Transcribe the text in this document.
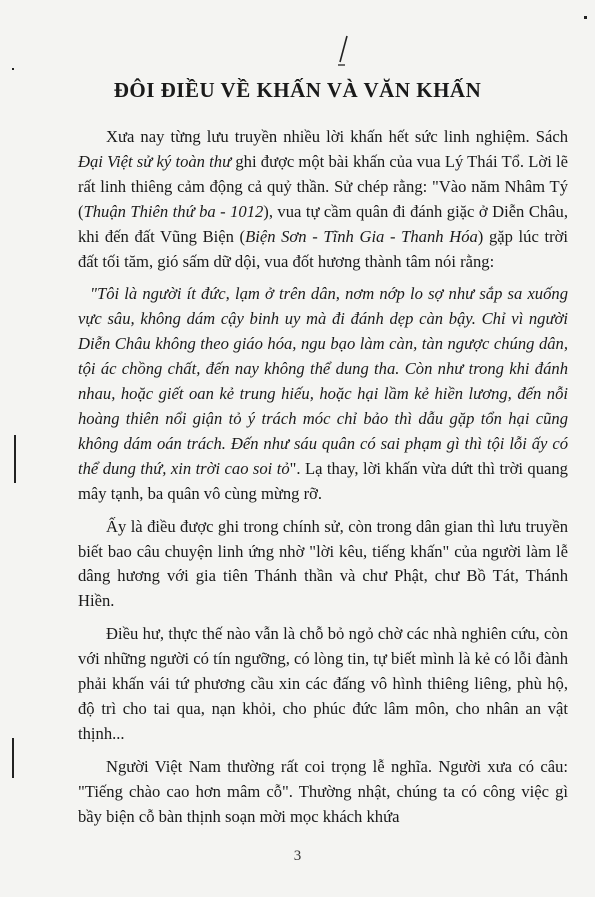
ĐÔI ĐIỀU VỀ KHẤN VÀ VĂN KHẤN

Xưa nay từng lưu truyền nhiều lời khấn hết sức linh nghiệm. Sách Đại Việt sử ký toàn thư ghi được một bài khấn của vua Lý Thái Tổ. Lời lẽ rất linh thiêng cảm động cả quỷ thần. Sử chép rằng: "Vào năm Nhâm Tý (Thuận Thiên thứ ba - 1012), vua tự cầm quân đi đánh giặc ở Diễn Châu, khi đến đất Vũng Biện (Biện Sơn - Tĩnh Gia - Thanh Hóa) gặp lúc trời đất tối tăm, gió sấm dữ dội, vua đốt hương thành tâm nói rằng:

"Tôi là người ít đức, lạm ở trên dân, nơm nớp lo sợ như sắp sa xuống vực sâu, không dám cậy binh uy mà đi đánh dẹp càn bậy. Chỉ vì người Diễn Châu không theo giáo hóa, ngu bạo làm càn, tàn ngược chúng dân, tội ác chồng chất, đến nay không thể dung tha. Còn như trong khi đánh nhau, hoặc giết oan kẻ trung hiếu, hoặc hại lầm kẻ hiền lương, đến nỗi hoàng thiên nổi giận tỏ ý trách móc chỉ bảo thì dẫu gặp tổn hại cũng không dám oán trách. Đến như sáu quân có sai phạm gì thì tội lỗi ấy có thể dung thứ, xin trời cao soi tỏ". Lạ thay, lời khấn vừa dứt thì trời quang mây tạnh, ba quân vô cùng mừng rỡ.

Ấy là điều được ghi trong chính sử, còn trong dân gian thì lưu truyền biết bao câu chuyện linh ứng nhờ "lời kêu, tiếng khấn" của người làm lễ dâng hương với gia tiên Thánh thần và chư Phật, chư Bồ Tát, Thánh Hiền.

Điều hư, thực thế nào vẫn là chỗ bỏ ngỏ chờ các nhà nghiên cứu, còn với những người có tín ngưỡng, có lòng tin, tự biết mình là kẻ có lỗi đành phải khấn vái tứ phương cầu xin các đấng vô hình thiêng liêng, phù hộ, độ trì cho tai qua, nạn khỏi, cho phúc đức lâm môn, cho nhân an vật thịnh...

Người Việt Nam thường rất coi trọng lễ nghĩa. Người xưa có câu: "Tiếng chào cao hơn mâm cỗ". Thường nhật, chúng ta có công việc gì bầy biện cỗ bàn thịnh soạn mời mọc khách khứa

3
